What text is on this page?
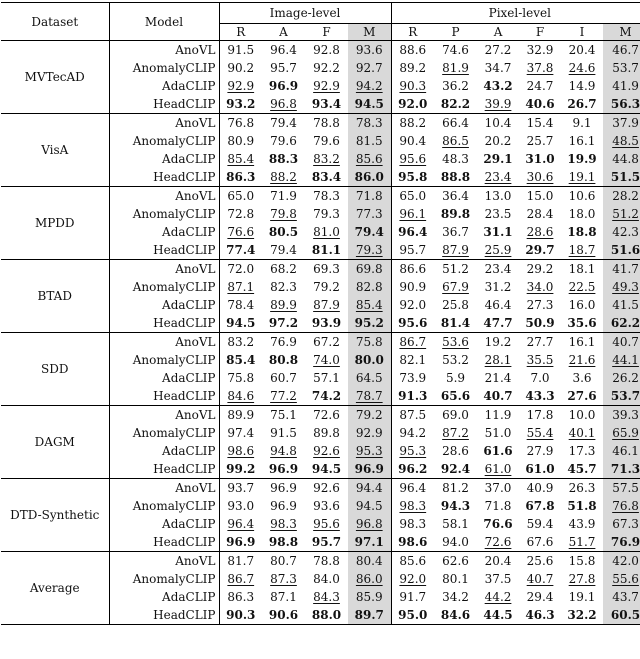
Dataset	Model	Image-level				Pixel-level					
		R	A	F	M	R	P	A	F	I	M
MVTecAD	AnoVL	91.5	96.4	92.8	93.6	88.6	74.6	27.2	32.9	20.4	46.7
	AnomalyCLIP	90.2	95.7	92.2	92.7	89.2	81.9	34.7	37.8	24.6	53.7
	AdaCLIP	92.9	96.9	92.9	94.2	90.3	36.2	43.2	24.7	14.9	41.9
	HeadCLIP	93.2	96.8	93.4	94.5	92.0	82.2	39.9	40.6	26.7	56.3
VisA	AnoVL	76.8	79.4	78.8	78.3	88.2	66.4	10.4	15.4	9.1	37.9
	AnomalyCLIP	80.9	79.6	79.6	81.5	90.4	86.5	20.2	25.7	16.1	48.5
	AdaCLIP	85.4	88.3	83.2	85.6	95.6	48.3	29.1	31.0	19.9	44.8
	HeadCLIP	86.3	88.2	83.4	86.0	95.8	88.8	23.4	30.6	19.1	51.5
MPDD	AnoVL	65.0	71.9	78.3	71.8	65.0	36.4	13.0	15.0	10.6	28.2
	AnomalyCLIP	72.8	79.8	79.3	77.3	96.1	89.8	23.5	28.4	18.0	51.2
	AdaCLIP	76.6	80.5	81.0	79.4	96.4	36.7	31.1	28.6	18.8	42.3
	HeadCLIP	77.4	79.4	81.1	79.3	95.7	87.9	25.9	29.7	18.7	51.6
BTAD	AnoVL	72.0	68.2	69.3	69.8	86.6	51.2	23.4	29.2	18.1	41.7
	AnomalyCLIP	87.1	82.3	79.2	82.8	90.9	67.9	31.2	34.0	22.5	49.3
	AdaCLIP	78.4	89.9	87.9	85.4	92.0	25.8	46.4	27.3	16.0	41.5
	HeadCLIP	94.5	97.2	93.9	95.2	95.6	81.4	47.7	50.9	35.6	62.2
SDD	AnoVL	83.2	76.9	67.2	75.8	86.7	53.6	19.2	27.7	16.1	40.7
	AnomalyCLIP	85.4	80.8	74.0	80.0	82.1	53.2	28.1	35.5	21.6	44.1
	AdaCLIP	75.8	60.7	57.1	64.5	73.9	5.9	21.4	7.0	3.6	26.2
	HeadCLIP	84.6	77.2	74.2	78.7	91.3	65.6	40.7	43.3	27.6	53.7
DAGM	AnoVL	89.9	75.1	72.6	79.2	87.5	69.0	11.9	17.8	10.0	39.3
	AnomalyCLIP	97.4	91.5	89.8	92.9	94.2	87.2	51.0	55.4	40.1	65.9
	AdaCLIP	98.6	94.8	92.6	95.3	95.3	28.6	61.6	27.9	17.3	46.1
	HeadCLIP	99.2	96.9	94.5	96.9	96.2	92.4	61.0	61.0	45.7	71.3
DTD-Synthetic	AnoVL	93.7	96.9	92.6	94.4	96.4	81.2	37.0	40.9	26.3	57.5
	AnomalyCLIP	93.0	96.9	93.6	94.5	98.3	94.3	71.8	67.8	51.8	76.8
	AdaCLIP	96.4	98.3	95.6	96.8	98.3	58.1	76.6	59.4	43.9	67.3
	HeadCLIP	96.9	98.8	95.7	97.1	98.6	94.0	72.6	67.6	51.7	76.9
Average	AnoVL	81.7	80.7	78.8	80.4	85.6	62.6	20.4	25.6	15.8	42.0
	AnomalyCLIP	86.7	87.3	84.0	86.0	92.0	80.1	37.5	40.7	27.8	55.6
	AdaCLIP	86.3	87.1	84.3	85.9	91.7	34.2	44.2	29.4	19.1	43.7
	HeadCLIP	90.3	90.6	88.0	89.7	95.0	84.6	44.5	46.3	32.2	60.5
